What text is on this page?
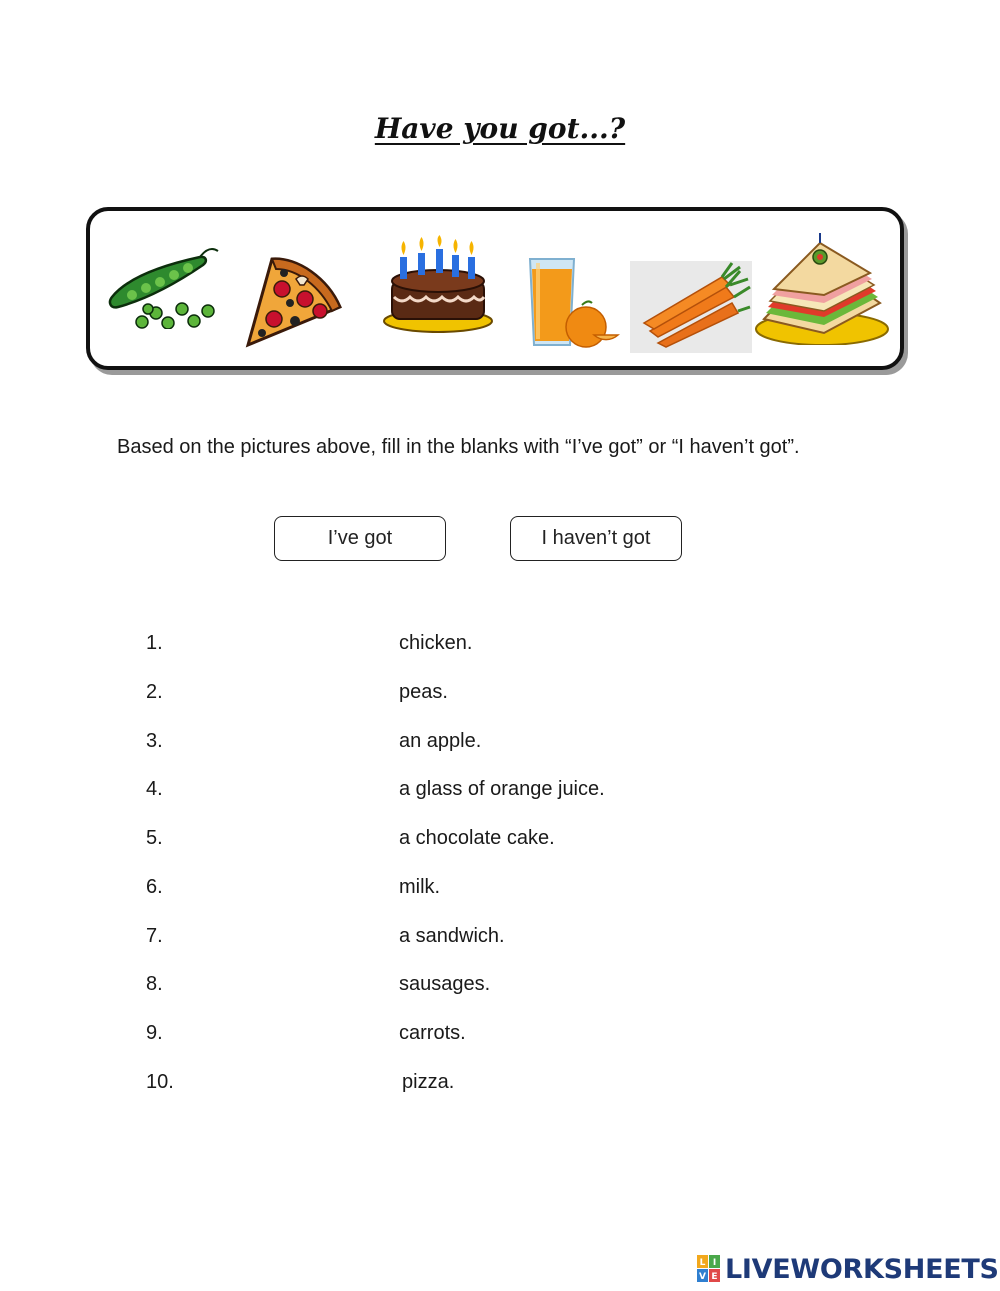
Have you got...?
Based on the pictures above, fill in the blanks with “I’ve got” or “I haven’t got”.
I’ve got	I haven’t got
1.	chicken.
2.	peas.
3.	an apple.
4.	a glass of orange juice.
5.	a chocolate cake.
6.	milk.
7.	a sandwich.
8.	sausages.
9.	carrots.
10.	pizza.
L I
V E LIVEWORKSHEETS
